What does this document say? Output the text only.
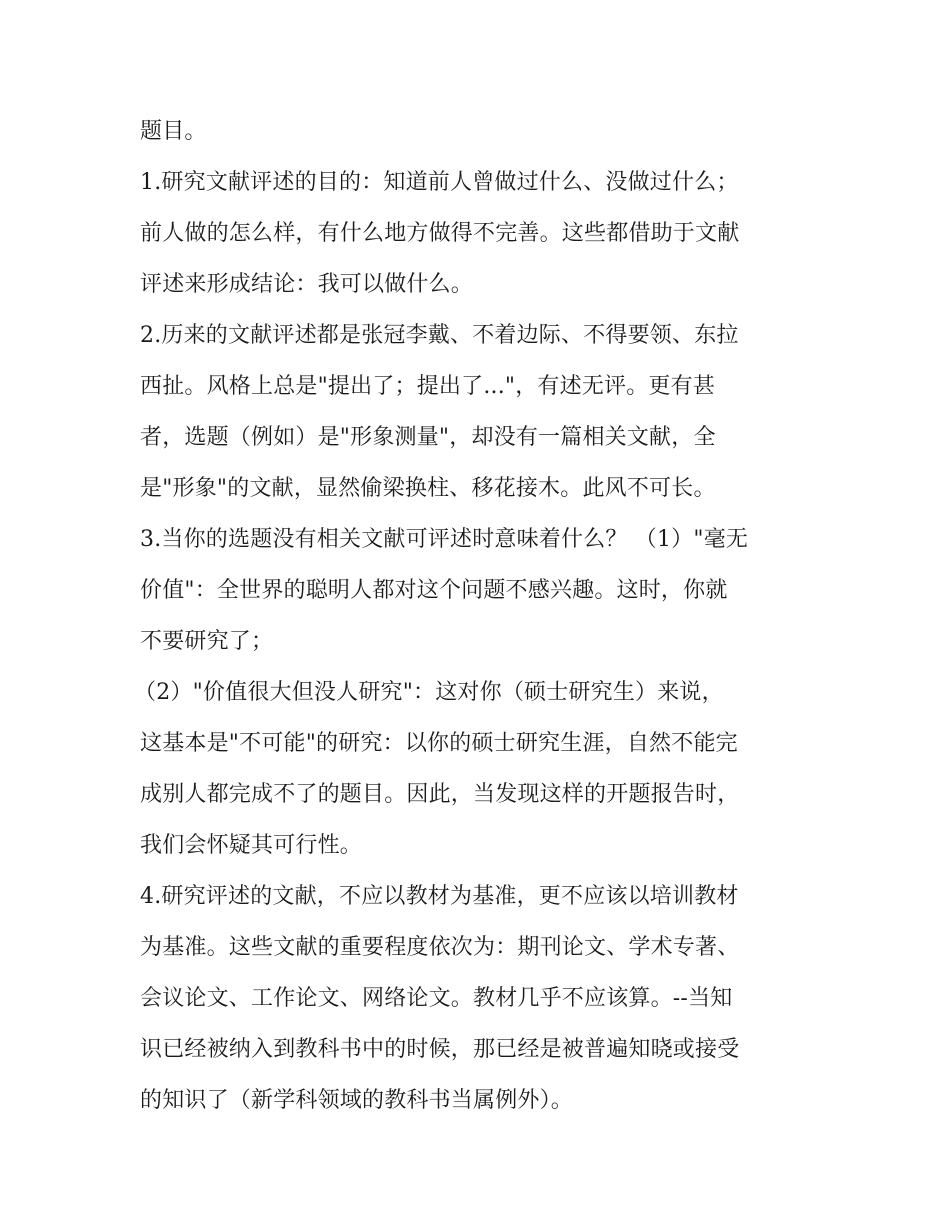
题目。
1.研究文献评述的目的：知道前人曾做过什么、没做过什么；
前人做的怎么样，有什么地方做得不完善。这些都借助于文献
评述来形成结论：我可以做什么。
2.历来的文献评述都是张冠李戴、不着边际、不得要领、东拉
西扯。风格上总是"提出了；提出了..."，有述无评。更有甚
者，选题（例如）是"形象测量"，却没有一篇相关文献，全
是"形象"的文献，显然偷梁换柱、移花接木。此风不可长。
3.当你的选题没有相关文献可评述时意味着什么？ （1）"毫无
价值"：全世界的聪明人都对这个问题不感兴趣。这时，你就
不要研究了；
（2）"价值很大但没人研究"：这对你（硕士研究生）来说，
这基本是"不可能"的研究：以你的硕士研究生涯，自然不能完
成别人都完成不了的题目。因此，当发现这样的开题报告时，
我们会怀疑其可行性。
4.研究评述的文献，不应以教材为基准，更不应该以培训教材
为基准。这些文献的重要程度依次为：期刊论文、学术专著、
会议论文、工作论文、网络论文。教材几乎不应该算。--当知
识已经被纳入到教科书中的时候，那已经是被普遍知晓或接受
的知识了（新学科领域的教科书当属例外）。
